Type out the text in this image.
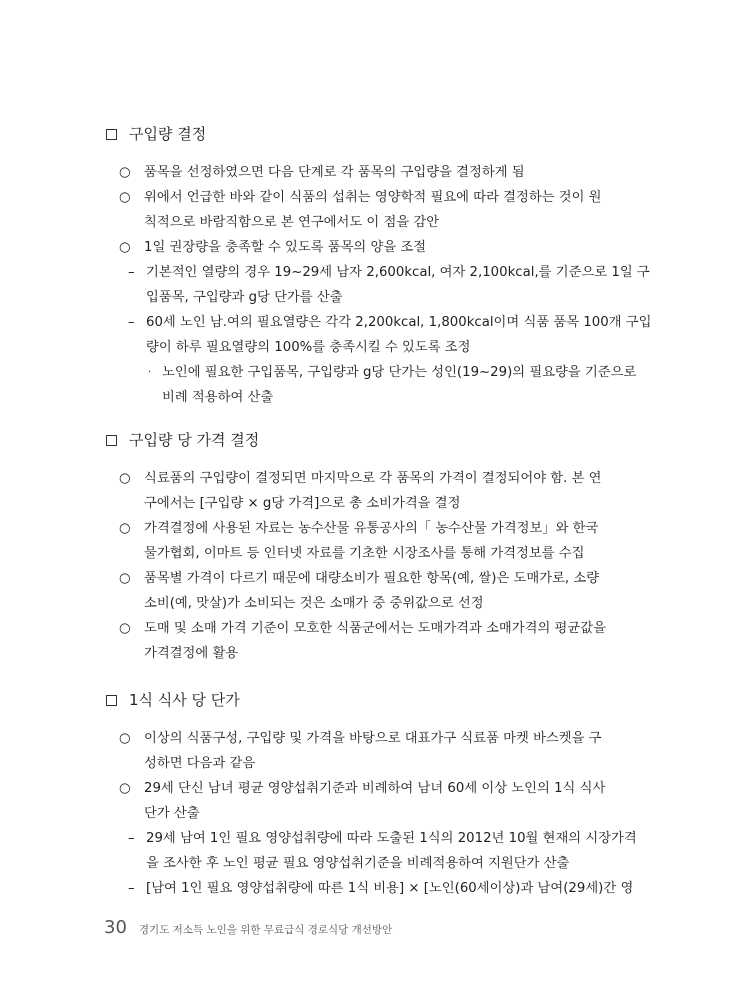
구입량 결정
○ 품목을 선정하였으면 다음 단계로 각 품목의 구입량을 결정하게 됨
○ 위에서 언급한 바와 같이 식품의 섭취는 영양학적 필요에 따라 결정하는 것이 원
칙적으로 바람직함으로 본 연구에서도 이 점을 감안
○ 1일 권장량을 충족할 수 있도록 품목의 양을 조절
– 기본적인 열량의 경우 19~29세 남자 2,600kcal, 여자 2,100kcal,를 기준으로 1일 구
입품목, 구입량과 g당 단가를 산출
– 60세 노인 남.여의 필요열량은 각각 2,200kcal, 1,800kcal이며 식품 품목 100개 구입
량이 하루 필요열량의 100%를 충족시킬 수 있도록 조정
· 노인에 필요한 구입품목, 구입량과 g당 단가는 성인(19~29)의 필요량을 기준으로
비례 적용하여 산출
구입량 당 가격 결정
○ 식료품의 구입량이 결정되면 마지막으로 각 품목의 가격이 결정되어야 함. 본 연
구에서는 [구입량 × g당 가격]으로 총 소비가격을 결정
○ 가격결정에 사용된 자료는 농수산물 유통공사의「 농수산물 가격정보」와 한국
물가협회, 이마트 등 인터넷 자료를 기초한 시장조사를 통해 가격정보를 수집
○ 품목별 가격이 다르기 때문에 대량소비가 필요한 항목(예, 쌀)은 도매가로, 소량
소비(예, 맛살)가 소비되는 것은 소매가 중 중위값으로 선정
○ 도매 및 소매 가격 기준이 모호한 식품군에서는 도매가격과 소매가격의 평균값을
가격결정에 활용
1식 식사 당 단가
○ 이상의 식품구성, 구입량 및 가격을 바탕으로 대표가구 식료품 마켓 바스켓을 구
성하면 다음과 같음
○ 29세 단신 남녀 평균 영양섭취기준과 비례하여 남녀 60세 이상 노인의 1식 식사
단가 산출
– 29세 남여 1인 필요 영양섭취량에 따라 도출된 1식의 2012년 10월 현재의 시장가격
을 조사한 후 노인 평균 필요 영양섭취기준을 비례적용하여 지원단가 산출
– [남여 1인 필요 영양섭취량에 따른 1식 비용] × [노인(60세이상)과 남여(29세)간 영
30 경기도 저소득 노인을 위한 무료급식 경로식당 개선방안
